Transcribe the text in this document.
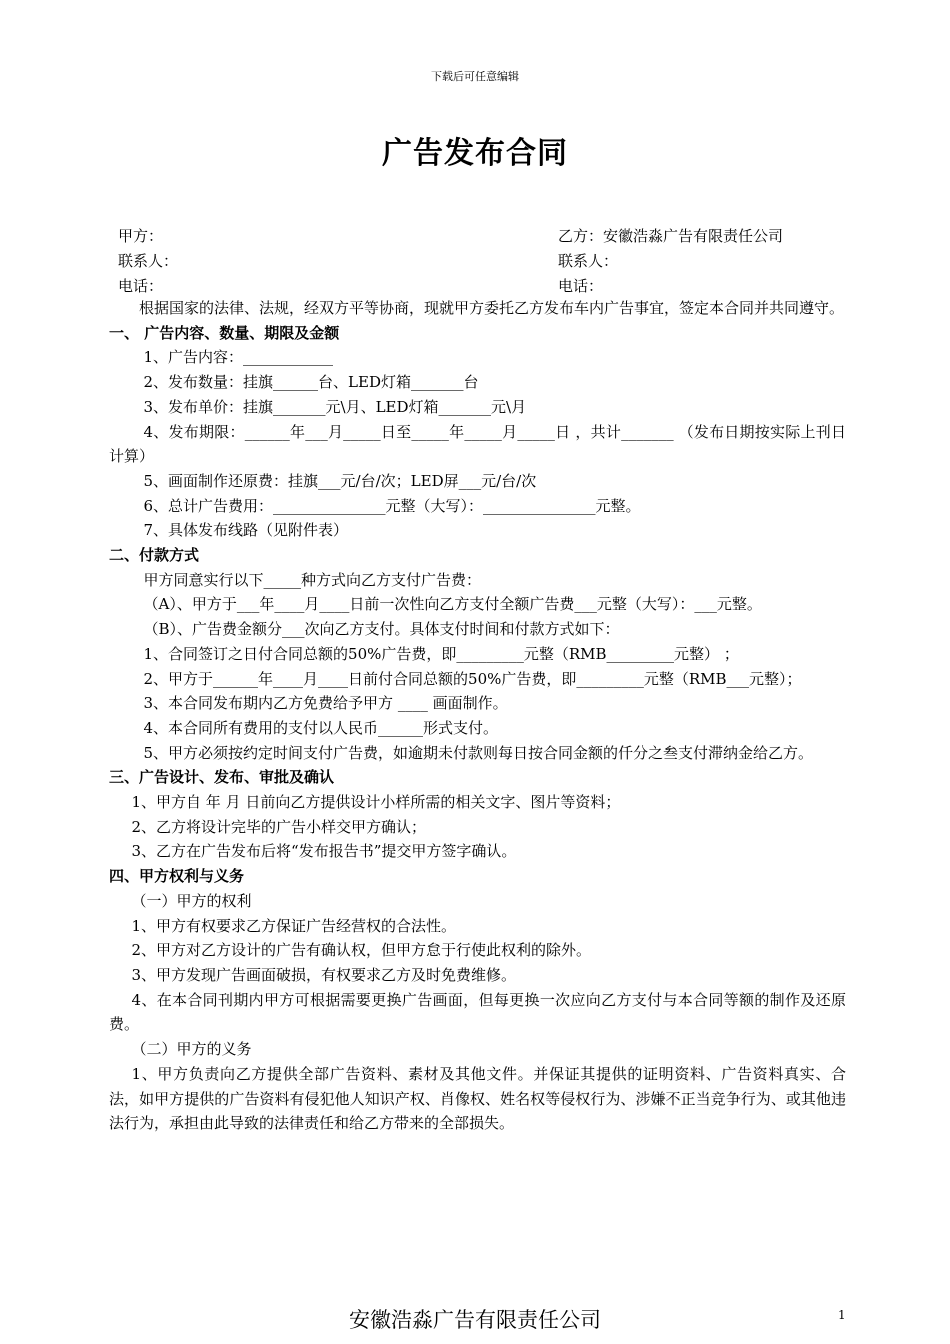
下载后可任意编辑
广告发布合同
甲方：	乙方：安徽浩淼广告有限责任公司
联系人：	联系人：
电话：	电话：

根据国家的法律、法规，经双方平等协商，现就甲方委托乙方发布车内广告事宜，签定本合同并共同遵守。

一、 广告内容、数量、期限及金额

1、广告内容：____________

2、发布数量：挂旗______台、LED灯箱_______台

3、发布单价：挂旗_______元\月、LED灯箱_______元\月

4、发布期限：______年___月_____日至_____年_____月_____日 ，共计_______ （发布日期按实际上刊日计算）

5、画面制作还原费：挂旗___元/台/次；LED屏___元/台/次

6、总计广告费用：_______________元整（大写）：_______________元整。

7、具体发布线路（见附件表）

二、付款方式

甲方同意实行以下_____种方式向乙方支付广告费：

（A）、甲方于___年____月____日前一次性向乙方支付全额广告费___元整（大写）：___元整。

（B）、广告费金额分___次向乙方支付。具体支付时间和付款方式如下：

1、合同签订之日付合同总额的50%广告费，即_________元整（RMB_________元整） ；

2、甲方于______年____月____日前付合同总额的50%广告费，即_________元整（RMB___元整）；

3、本合同发布期内乙方免费给予甲方 ____ 画面制作。

4、本合同所有费用的支付以人民币______形式支付。

5、甲方必须按约定时间支付广告费，如逾期未付款则每日按合同金额的仟分之叁支付滞纳金给乙方。

三、广告设计、发布、审批及确认

1、甲方自 年 月 日前向乙方提供设计小样所需的相关文字、图片等资料；

2、乙方将设计完毕的广告小样交甲方确认；

3、乙方在广告发布后将“发布报告书”提交甲方签字确认。

四、甲方权利与义务

（一）甲方的权利

1、甲方有权要求乙方保证广告经营权的合法性。

2、甲方对乙方设计的广告有确认权，但甲方怠于行使此权利的除外。

3、甲方发现广告画面破损，有权要求乙方及时免费维修。

4、在本合同刊期内甲方可根据需要更换广告画面，但每更换一次应向乙方支付与本合同等额的制作及还原费。

（二）甲方的义务

1、甲方负责向乙方提供全部广告资料、素材及其他文件。并保证其提供的证明资料、广告资料真实、合法，如甲方提供的广告资料有侵犯他人知识产权、肖像权、姓名权等侵权行为、涉嫌不正当竞争行为、或其他违法行为，承担由此导致的法律责任和给乙方带来的全部损失。

安徽浩淼广告有限责任公司	1
